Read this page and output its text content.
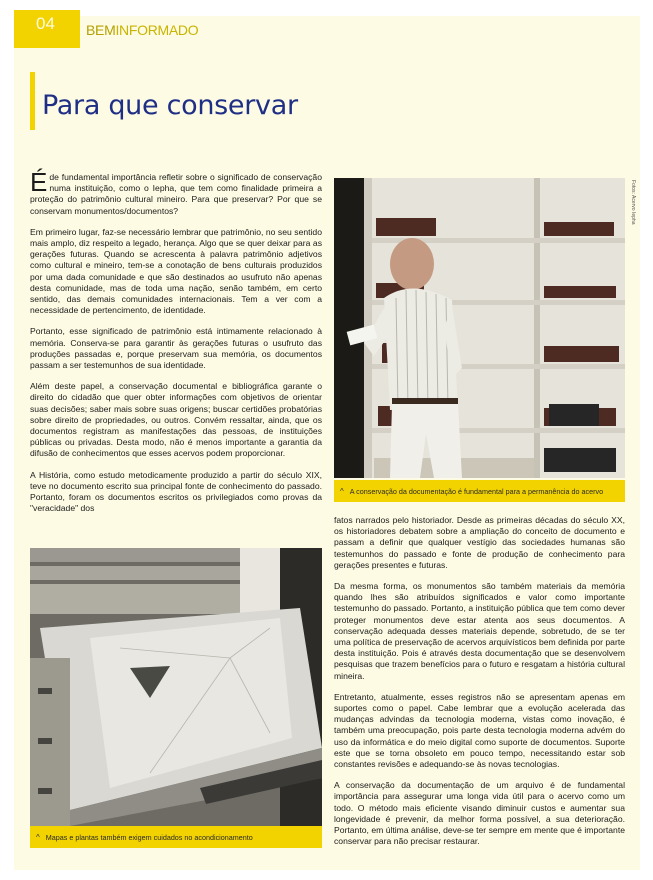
04 BEMINFORMADO
Para que conservar

Éde fundamental importância refletir sobre o significado de conservação numa instituição, como o Iepha, que tem como finalidade primeira a proteção do patrimônio cultural mineiro. Para que preservar? Por que se conservam monumentos/documentos?

Em primeiro lugar, faz-se necessário lembrar que patrimônio, no seu sentido mais amplo, diz respeito a legado, herança. Algo que se quer deixar para as gerações futuras. Quando se acrescenta à palavra patrimônio adjetivos como cultural e mineiro, tem-se a conotação de bens culturais produzidos por uma dada comunidade e que são destinados ao usufruto não apenas desta comunidade, mas de toda uma nação, senão também, em certo sentido, das demais comunidades internacionais. Tem a ver com a necessidade de pertencimento, de identidade.

Portanto, esse significado de patrimônio está intimamente relacionado à memória. Conserva-se para garantir às gerações futuras o usufruto das produções passadas e, porque preservam sua memória, os documentos passam a ser testemunhos de sua identidade.

Além deste papel, a conservação documental e bibliográfica garante o direito do cidadão que quer obter informações com objetivos de orientar suas decisões; saber mais sobre suas origens; buscar certidões probatórias sobre direito de propriedades, ou outros. Convém ressaltar, ainda, que os documentos registram as manifestações das pessoas, de instituições públicas ou privadas. Desta modo, não é menos importante a garantia da difusão de conhecimentos que esses acervos podem proporcionar.

A História, como estudo metodicamente produzido a partir do século XIX, teve no documento escrito sua principal fonte de conhecimento do passado. Portanto, foram os documentos escritos os privilegiados como provas da "veracidade" dos

Fotos: Acervo Iepha
^ A conservação da documentação é fundamental para a permanência do acervo
^ Mapas e plantas também exigem cuidados no acondicionamento

fatos narrados pelo historiador. Desde as primeiras décadas do século XX, os historiadores debatem sobre a ampliação do conceito de documento e passam a definir que qualquer vestígio das sociedades humanas são testemunhos do passado e fonte de produção de conhecimento para gerações presentes e futuras.

Da mesma forma, os monumentos são também materiais da memória quando lhes são atribuídos significados e valor como importante testemunho do passado. Portanto, a instituição pública que tem como dever proteger monumentos deve estar atenta aos seus documentos. A conservação adequada desses materiais depende, sobretudo, de se ter uma política de preservação de acervos arquivísticos bem definida por parte desta instituição. Pois é através desta documentação que se desenvolvem pesquisas que trazem benefícios para o futuro e resgatam a história cultural mineira.

Entretanto, atualmente, esses registros não se apresentam apenas em suportes como o papel. Cabe lembrar que a evolução acelerada das mudanças advindas da tecnologia moderna, vistas como inovação, é também uma preocupação, pois parte desta tecnologia moderna advém do uso da informática e do meio digital como suporte de documentos. Suporte este que se torna obsoleto em pouco tempo, necessitando estar sob constantes revisões e adequando-se às novas tecnologias.

A conservação da documentação de um arquivo é de fundamental importância para assegurar uma longa vida útil para o acervo como um todo. O método mais eficiente visando diminuir custos e aumentar sua longevidade é prevenir, da melhor forma possível, a sua deterioração. Portanto, em última análise, deve-se ter sempre em mente que é importante conservar para não precisar restaurar.
